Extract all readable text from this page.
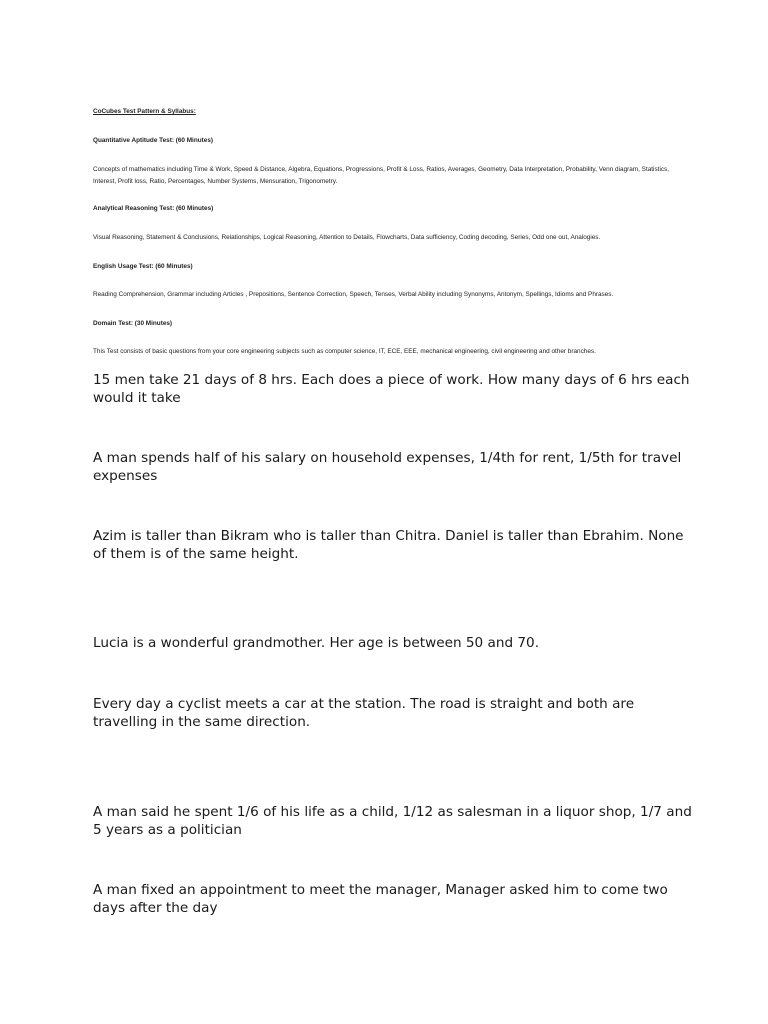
CoCubes Test Pattern & Syllabus:
Quantitative Aptitude Test: (60 Minutes)
Concepts of mathematics including Time & Work, Speed & Distance, Algebra, Equations, Progressions, Profit & Loss, Ratios, Averages, Geometry, Data Interpretation, Probability, Venn diagram, Statistics, Interest, Profit loss, Ratio, Percentages, Number Systems, Mensuration, Trigonometry.
Analytical Reasoning Test: (60 Minutes)
Visual Reasoning, Statement & Conclusions, Relationships, Logical Reasoning, Attention to Details, Flowcharts, Data sufficiency, Coding decoding, Series, Odd one out, Analogies.
English Usage Test: (60 Minutes)
Reading Comprehension, Grammar including Articles , Prepositions, Sentence Correction, Speech, Tenses, Verbal Ability including Synonyms, Antonym, Spellings, Idioms and Phrases.
Domain Test: (30 Minutes)
This Test consists of basic questions from your core engineering subjects such as computer science, IT, ECE, EEE, mechanical engineering, civil engineering and other branches.
15 men take 21 days of 8 hrs. Each does a piece of work. How many days of 6 hrs each would it take
A man spends half of his salary on household expenses, 1/4th for rent, 1/5th for travel expenses
Azim is taller than Bikram who is taller than Chitra. Daniel is taller than Ebrahim. None of them is of the same height.
Lucia is a wonderful grandmother. Her age is between 50 and 70.
Every day a cyclist meets a car at the station. The road is straight and both are travelling in the same direction.
A man said he spent 1/6 of his life as a child, 1/12 as salesman in a liquor shop, 1/7 and 5 years as a politician
A man fixed an appointment to meet the manager, Manager asked him to come two days after the day
